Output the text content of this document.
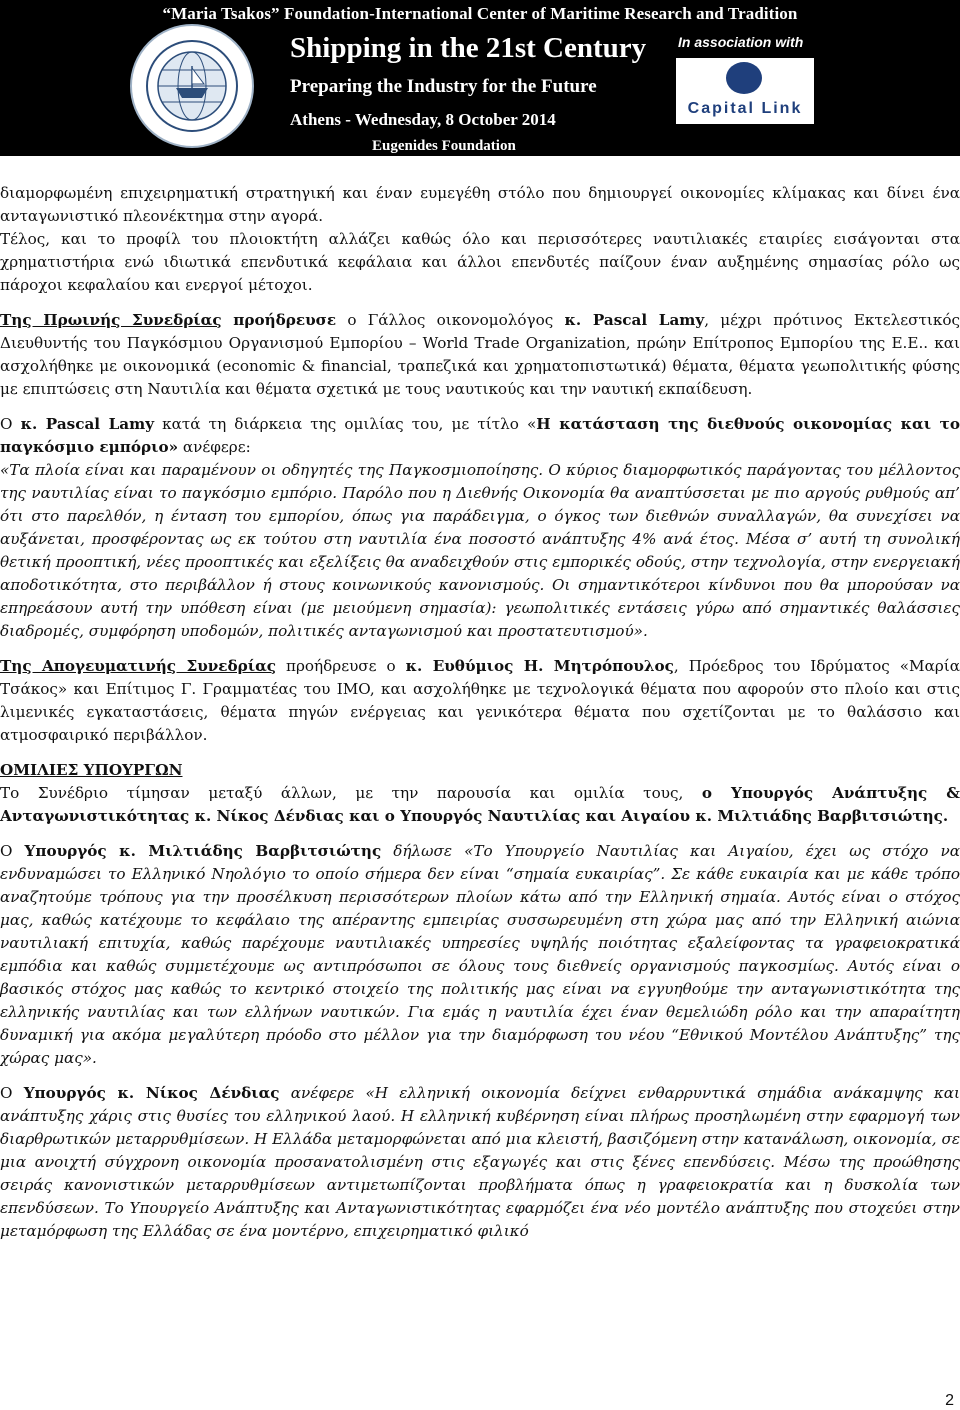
“Maria Tsakos” Foundation-International Center of Maritime Research and Tradition
Shipping in the 21st Century
Preparing the Industry for the Future
Athens - Wednesday, 8 October 2014
Eugenides Foundation
In association with
Capital Link

διαμορφωμένη επιχειρηματική στρατηγική και έναν ευμεγέθη στόλο που δημιουργεί οικονομίες κλίμακας και δίνει ένα ανταγωνιστικό πλεονέκτημα στην αγορά.

Τέλος, και το προφίλ του πλοιοκτήτη αλλάζει καθώς όλο και περισσότερες ναυτιλιακές εταιρίες εισάγονται στα χρηματιστήρια ενώ ιδιωτικά επενδυτικά κεφάλαια και άλλοι επενδυτές παίζουν έναν αυξημένης σημασίας ρόλο ως πάροχοι κεφαλαίου και ενεργοί μέτοχοι.

Της Πρωινής Συνεδρίας προήδρευσε ο Γάλλος οικονομολόγος κ. Pascal Lamy, μέχρι πρότινος Εκτελεστικός Διευθυντής του Παγκόσμιου Οργανισμού Εμπορίου – World Trade Organization, πρώην Επίτροπος Εμπορίου της Ε.Ε.. και ασχολήθηκε με οικονομικά (economic & financial, τραπεζικά και χρηματοπιστωτικά) θέματα, θέματα γεωπολιτικής φύσης με επιπτώσεις στη Ναυτιλία και θέματα σχετικά με τους ναυτικούς και την ναυτική εκπαίδευση.

Ο κ. Pascal Lamy κατά τη διάρκεια της ομιλίας του, με τίτλο «Η κατάσταση της διεθνούς οικονομίας και το παγκόσμιο εμπόριο» ανέφερε:

«Τα πλοία είναι και παραμένουν οι οδηγητές της Παγκοσμιοποίησης. Ο κύριος διαμορφωτικός παράγοντας του μέλλοντος της ναυτιλίας είναι το παγκόσμιο εμπόριο. Παρόλο που η Διεθνής Οικονομία θα αναπτύσσεται με πιο αργούς ρυθμούς απ’ ότι στο παρελθόν, η ένταση του εμπορίου, όπως για παράδειγμα, ο όγκος των διεθνών συναλλαγών, θα συνεχίσει να αυξάνεται, προσφέροντας ως εκ τούτου στη ναυτιλία ένα ποσοστό ανάπτυξης 4% ανά έτος. Μέσα σ’ αυτή τη συνολική θετική προοπτική, νέες προοπτικές και εξελίξεις θα αναδειχθούν στις εμπορικές οδούς, στην τεχνολογία, στην ενεργειακή αποδοτικότητα, στο περιβάλλον ή στους κοινωνικούς κανονισμούς. Οι σημαντικότεροι κίνδυνοι που θα μπορούσαν να επηρεάσουν αυτή την υπόθεση είναι (με μειούμενη σημασία): γεωπολιτικές εντάσεις γύρω από σημαντικές θαλάσσιες διαδρομές, συμφόρηση υποδομών, πολιτικές ανταγωνισμού και προστατευτισμού».

Της Απογευματινής Συνεδρίας προήδρευσε ο κ. Ευθύμιος Η. Μητρόπουλος, Πρόεδρος του Ιδρύματος «Μαρία Τσάκος» και Επίτιμος Γ. Γραμματέας του IMO, και ασχολήθηκε με τεχνολογικά θέματα που αφορούν στο πλοίο και στις λιμενικές εγκαταστάσεις, θέματα πηγών ενέργειας και γενικότερα θέματα που σχετίζονται με το θαλάσσιο και ατμοσφαιρικό περιβάλλον.

ΟΜΙΛΙΕΣ ΥΠΟΥΡΓΩΝ

Το Συνέδριο τίμησαν μεταξύ άλλων, με την παρουσία και ομιλία τους, ο Υπουργός Ανάπτυξης & Ανταγωνιστικότητας κ. Νίκος Δένδιας και ο Υπουργός Ναυτιλίας και Αιγαίου κ. Μιλτιάδης Βαρβιτσιώτης.

Ο Υπουργός κ. Μιλτιάδης Βαρβιτσιώτης δήλωσε «Το Υπουργείο Ναυτιλίας και Αιγαίου, έχει ως στόχο να ενδυναμώσει το Ελληνικό Νηολόγιο το οποίο σήμερα δεν είναι “σημαία ευκαιρίας”. Σε κάθε ευκαιρία και με κάθε τρόπο αναζητούμε τρόπους για την προσέλκυση περισσότερων πλοίων κάτω από την Ελληνική σημαία. Αυτός είναι ο στόχος μας, καθώς κατέχουμε το κεφάλαιο της απέραντης εμπειρίας συσσωρευμένη στη χώρα μας από την Ελληνική αιώνια ναυτιλιακή επιτυχία, καθώς παρέχουμε ναυτιλιακές υπηρεσίες υψηλής ποιότητας εξαλείφοντας τα γραφειοκρατικά εμπόδια και καθώς συμμετέχουμε ως αντιπρόσωποι σε όλους τους διεθνείς οργανισμούς παγκοσμίως. Αυτός είναι ο βασικός στόχος μας καθώς το κεντρικό στοιχείο της πολιτικής μας είναι να εγγυηθούμε την ανταγωνιστικότητα της ελληνικής ναυτιλίας και των ελλήνων ναυτικών. Για εμάς η ναυτιλία έχει έναν θεμελιώδη ρόλο και την απαραίτητη δυναμική για ακόμα μεγαλύτερη πρόοδο στο μέλλον για την διαμόρφωση του νέου “Εθνικού Μοντέλου Ανάπτυξης” της χώρας μας».

Ο Υπουργός κ. Νίκος Δένδιας ανέφερε «Η ελληνική οικονομία δείχνει ενθαρρυντικά σημάδια ανάκαμψης και ανάπτυξης χάρις στις θυσίες του ελληνικού λαού. Η ελληνική κυβέρνηση είναι πλήρως προσηλωμένη στην εφαρμογή των διαρθρωτικών μεταρρυθμίσεων. Η Ελλάδα μεταμορφώνεται από μια κλειστή, βασιζόμενη στην κατανάλωση, οικονομία, σε μια ανοιχτή σύγχρονη οικονομία προσανατολισμένη στις εξαγωγές και στις ξένες επενδύσεις. Μέσω της προώθησης σειράς κανονιστικών μεταρρυθμίσεων αντιμετωπίζονται προβλήματα όπως η γραφειοκρατία και η δυσκολία των επενδύσεων. Το Υπουργείο Ανάπτυξης και Ανταγωνιστικότητας εφαρμόζει ένα νέο μοντέλο ανάπτυξης που στοχεύει στην μεταμόρφωση της Ελλάδας σε ένα μοντέρνο, επιχειρηματικό φιλικό

2
